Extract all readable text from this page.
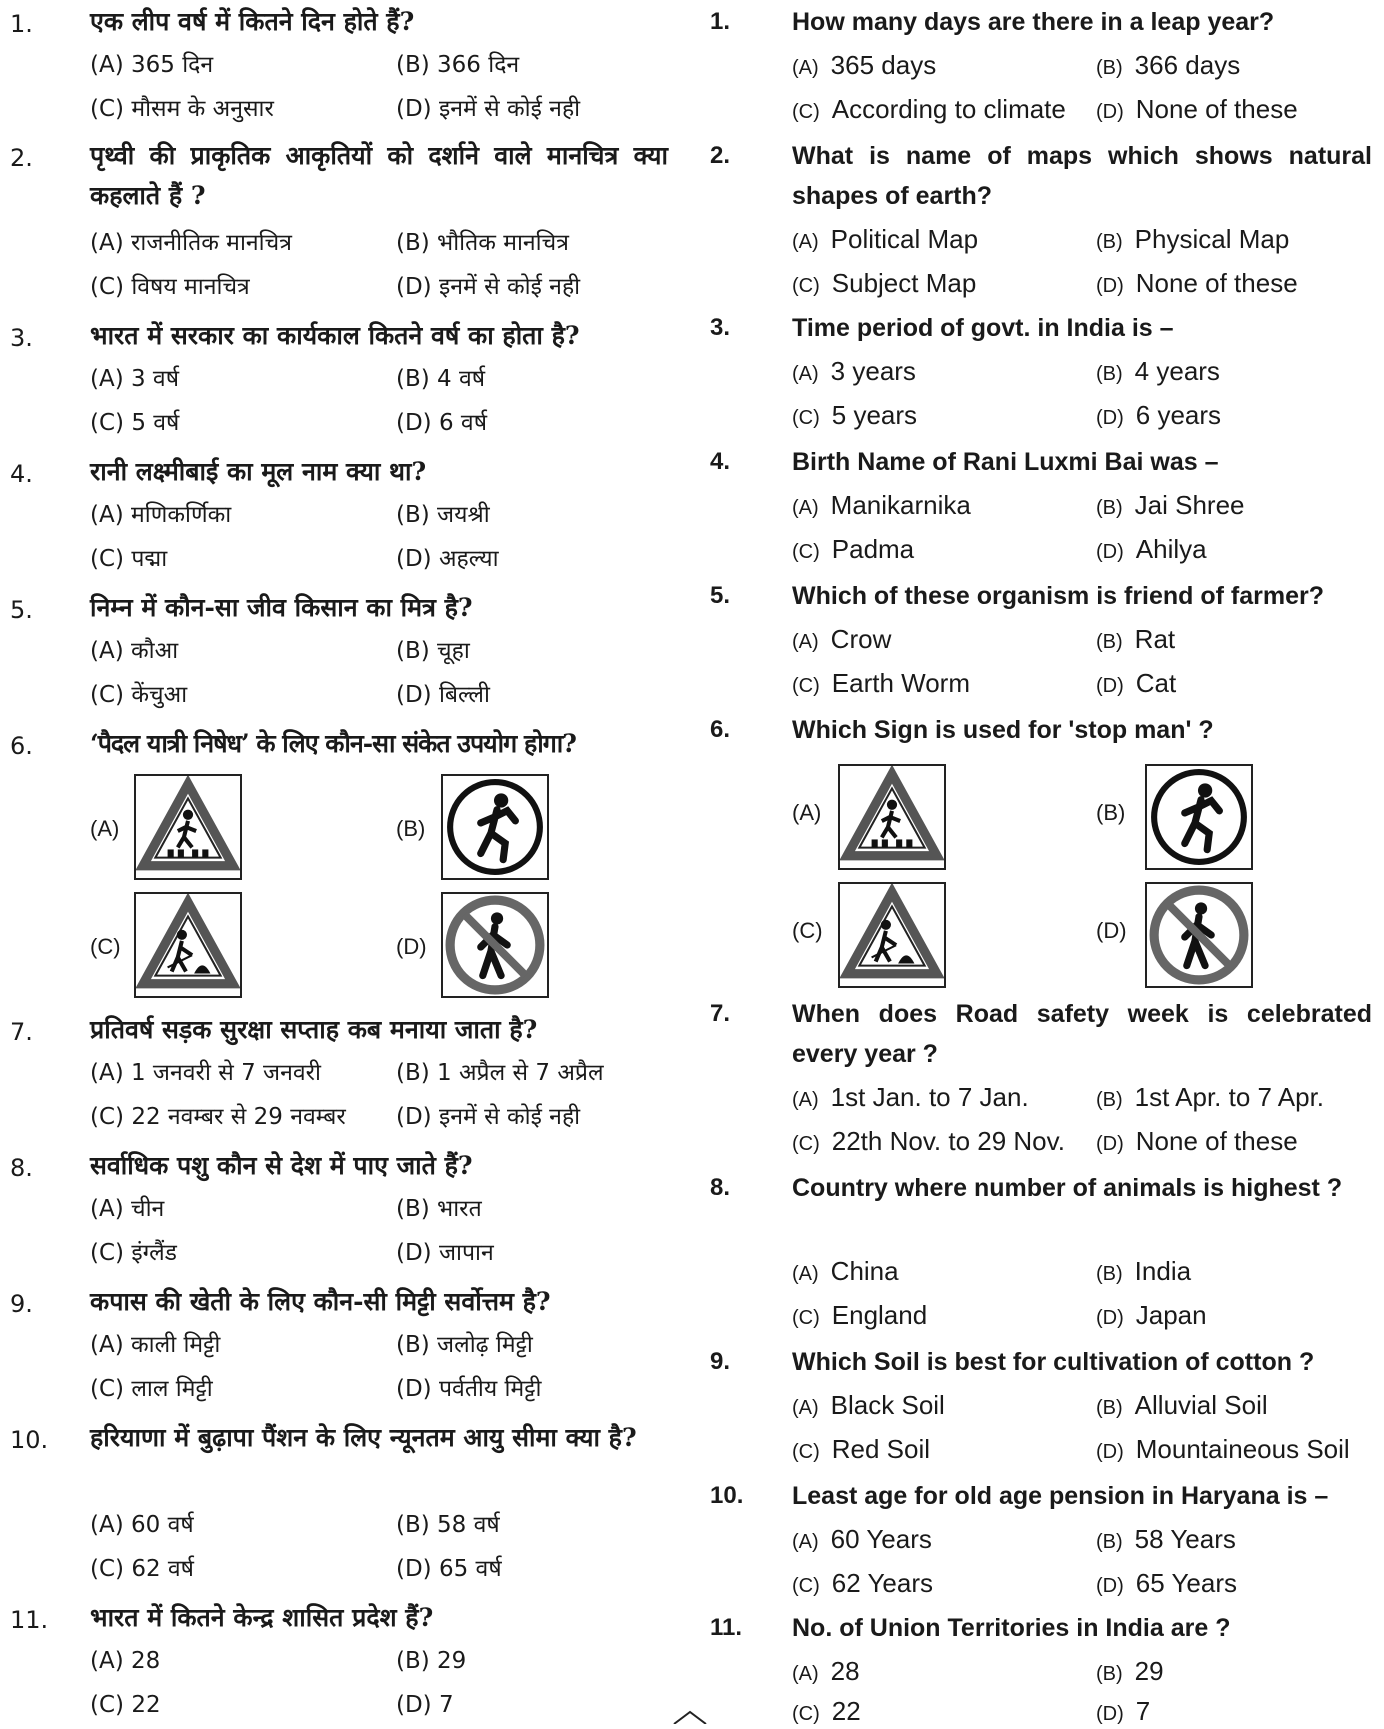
1. एक लीप वर्ष में कितने दिन होते हैं?
(A) 365 दिन	(B) 366 दिन
(C) मौसम के अनुसार	(D) इनमें से कोई नही
2. पृथ्वी की प्राकृतिक आकृतियों को दर्शाने वाले मानचित्र क्या कहलाते हैं ?
(A) राजनीतिक मानचित्र	(B) भौतिक मानचित्र
(C) विषय मानचित्र	(D) इनमें से कोई नही
3. भारत में सरकार का कार्यकाल कितने वर्ष का होता है?
(A) 3 वर्ष	(B) 4 वर्ष
(C) 5 वर्ष	(D) 6 वर्ष
4. रानी लक्ष्मीबाई का मूल नाम क्या था?
(A) मणिकर्णिका	(B) जयश्री
(C) पद्मा	(D) अहल्या
5. निम्न में कौन-सा जीव किसान का मित्र है?
(A) कौआ	(B) चूहा
(C) केंचुआ	(D) बिल्ली
6. ‘पैदल यात्री निषेध’ के लिए कौन-सा संकेत उपयोग होगा?
(A)	(B)
(C)	(D)
7. प्रतिवर्ष सड़क सुरक्षा सप्ताह कब मनाया जाता है?
(A) 1 जनवरी से 7 जनवरी	(B) 1 अप्रैल से 7 अप्रैल
(C) 22 नवम्बर से 29 नवम्बर (D) इनमें से कोई नही
8. सर्वाधिक पशु कौन से देश में पाए जाते हैं?
(A) चीन	(B) भारत
(C) इंग्लैंड	(D) जापान
9. कपास की खेती के लिए कौन-सी मिट्टी सर्वोत्तम है?
(A) काली मिट्टी	(B) जलोढ़ मिट्टी
(C) लाल मिट्टी	(D) पर्वतीय मिट्टी
10. हरियाणा में बुढ़ापा पैंशन के लिए न्यूनतम आयु सीमा क्या है?
(A) 60 वर्ष	(B) 58 वर्ष
(C) 62 वर्ष	(D) 65 वर्ष
11. भारत में कितने केन्द्र शासित प्रदेश हैं?
(A) 28	(B) 29
(C) 22	(D) 7
1. How many days are there in a leap year?
(A) 365 days	(B) 366 days
(C) According to climate (D) None of these
2. What is name of maps which shows natural shapes of earth?
(A) Political Map	(B) Physical Map
(C) Subject Map	(D) None of these
3. Time period of govt. in India is –
(A) 3 years	(B) 4 years
(C) 5 years	(D) 6 years
4. Birth Name of Rani Luxmi Bai was –
(A) Manikarnika	(B) Jai Shree
(C) Padma	(D) Ahilya
5. Which of these organism is friend of farmer?
(A) Crow	(B) Rat
(C) Earth Worm	(D) Cat
6. Which Sign is used for 'stop man' ?
(A)	(B)
(C)	(D)
7. When does Road safety week is celebrated every year ?
(A) 1st Jan. to 7 Jan.	(B) 1st Apr. to 7 Apr.
(C) 22th Nov. to 29 Nov. (D) None of these
8. Country where number of animals is highest ?
(A) China	(B) India
(C) England	(D) Japan
9. Which Soil is best for cultivation of cotton ?
(A) Black Soil	(B) Alluvial Soil
(C) Red Soil	(D) Mountaineous Soil
10. Least age for old age pension in Haryana is –
(A) 60 Years	(B) 58 Years
(C) 62 Years	(D) 65 Years
11. No. of Union Territories in India are ?
(A) 28	(B) 29
(C) 22	(D) 7
